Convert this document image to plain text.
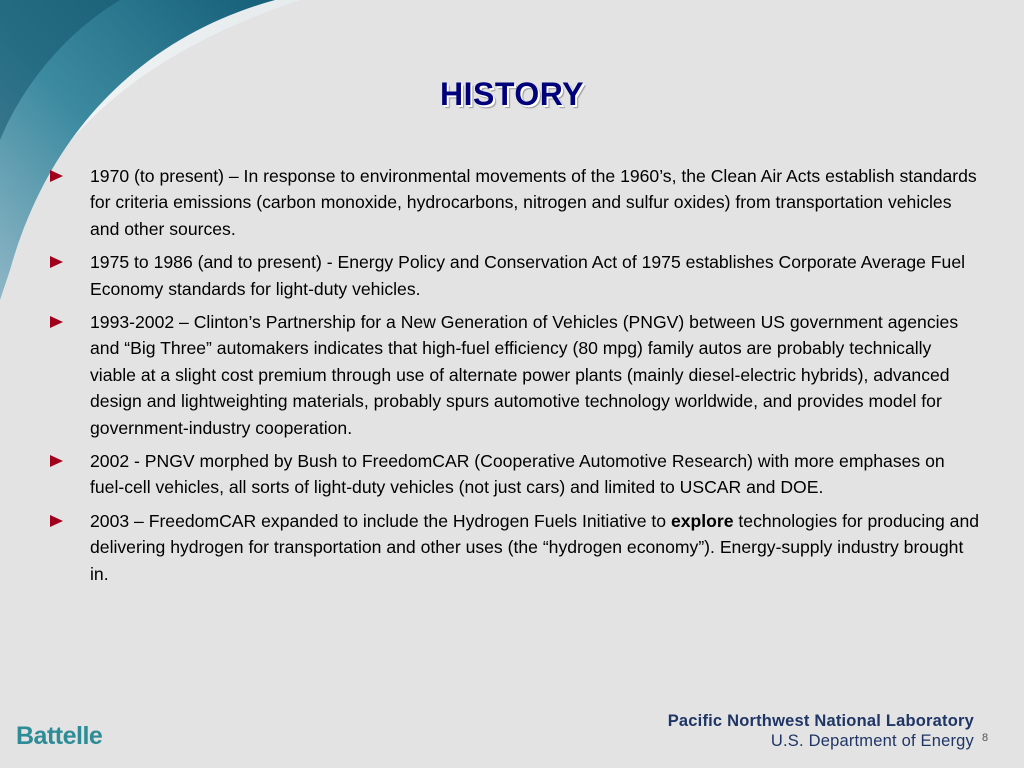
HISTORY
1970 (to present) – In response to environmental movements of the 1960’s, the Clean Air Acts establish standards for criteria emissions (carbon monoxide, hydrocarbons, nitrogen and sulfur oxides) from transportation vehicles and other sources.
1975 to 1986 (and to present) - Energy Policy and Conservation Act of 1975 establishes Corporate Average Fuel Economy standards for light-duty vehicles.
1993-2002 – Clinton’s Partnership for a New Generation of Vehicles (PNGV) between US government agencies and “Big Three” automakers indicates that high-fuel efficiency (80 mpg) family autos are probably technically viable at a slight cost premium through use of alternate power plants (mainly diesel-electric hybrids), advanced design and lightweighting materials, probably spurs automotive technology worldwide, and provides model for government-industry cooperation.
2002 - PNGV morphed by Bush to FreedomCAR (Cooperative Automotive Research) with more emphases on fuel-cell vehicles, all sorts of light-duty vehicles (not just cars) and limited to USCAR and DOE.
2003 – FreedomCAR expanded to include the Hydrogen Fuels Initiative to explore technologies for producing and delivering hydrogen for transportation and other uses (the “hydrogen economy”). Energy-supply industry brought in.
Battelle
Pacific Northwest National Laboratory
U.S. Department of Energy 8
